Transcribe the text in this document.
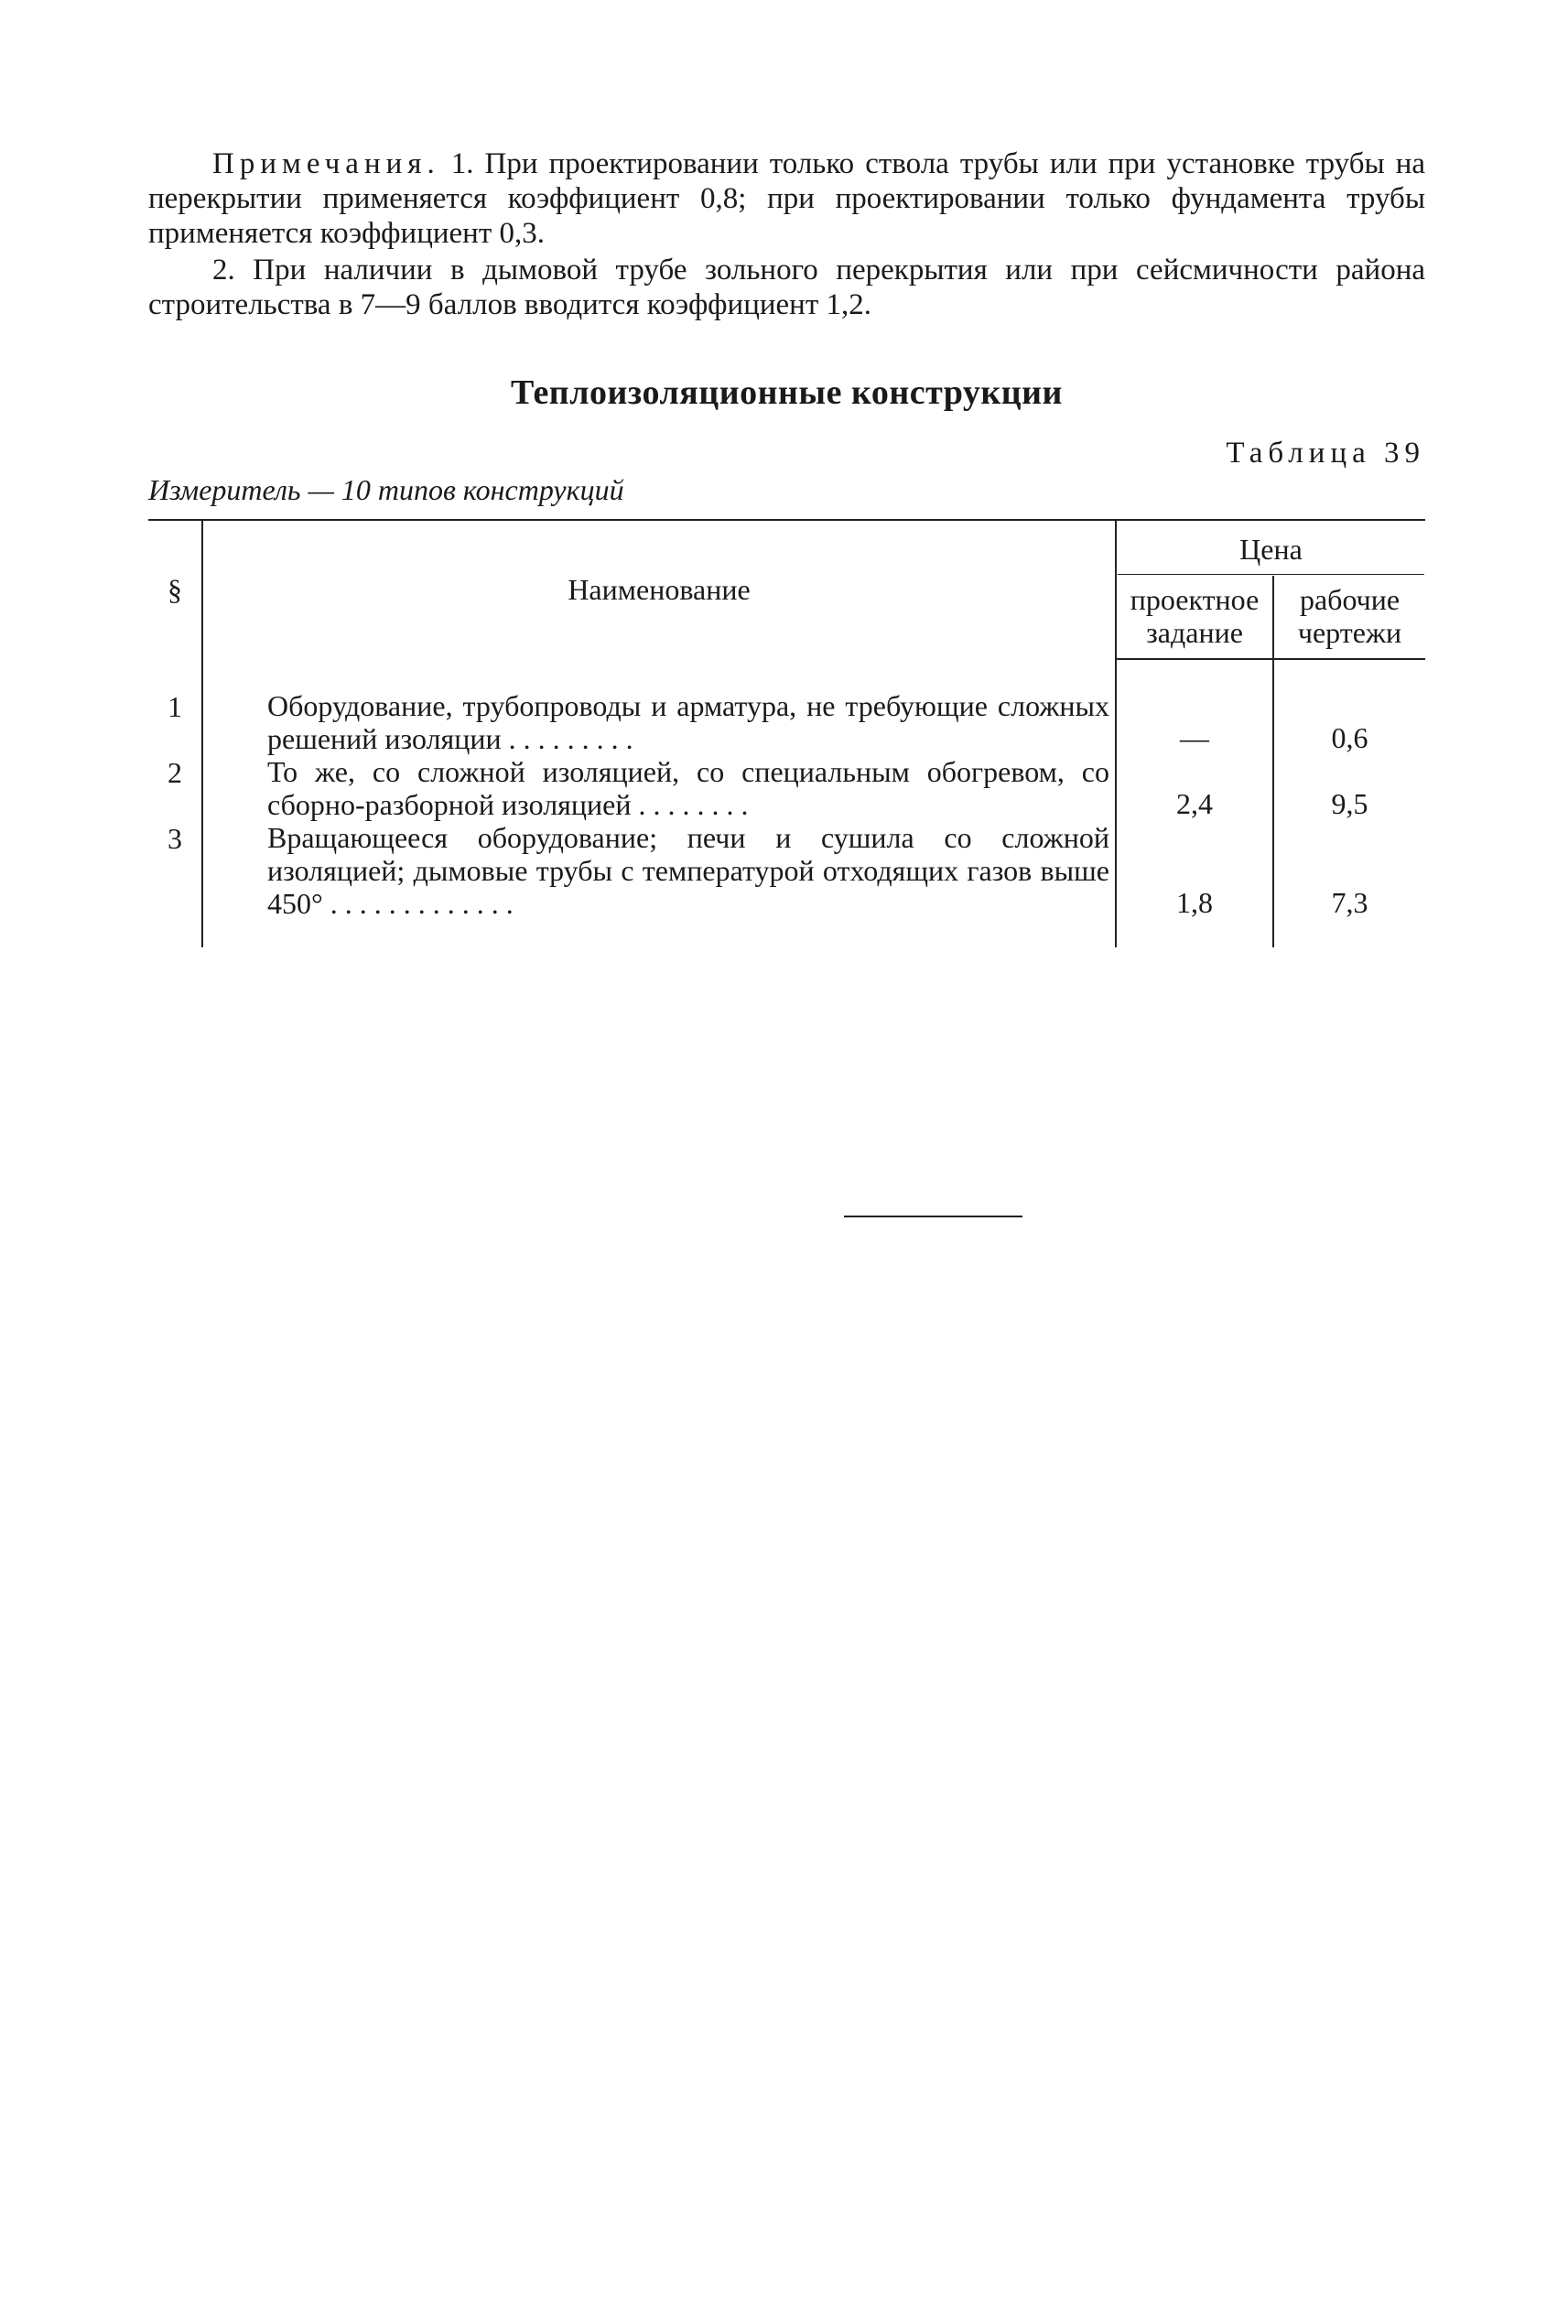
Примечания. 1. При проектировании только ствола трубы или при установке трубы на перекрытии применяется коэффициент 0,8; при проектировании только фундамента трубы применяется коэффициент 0,3.

2. При наличии в дымовой трубе зольного перекрытия или при сейсмичности района строительства в 7—9 баллов вводится коэффициент 1,2.

Теплоизоляционные конструкции
Измеритель — 10 типов конструкций
Таблица 39
§	Наименование	Цена	

		проектное задание	рабочие чертежи

1	Оборудование, трубопроводы и арматура, не требующие сложных решений изоляции . . . . . . . . .	—	0,6
2	То же, со сложной изоляцией, со специальным обогревом, со сборно-разборной изоляцией . . . . . . . .	2,4	9,5
3	Вращающееся оборудование; печи и сушила со сложной изоляцией; дымовые трубы с температурой отходящих газов выше 450° . . . . . . . . . . . . .	1,8	7,3
